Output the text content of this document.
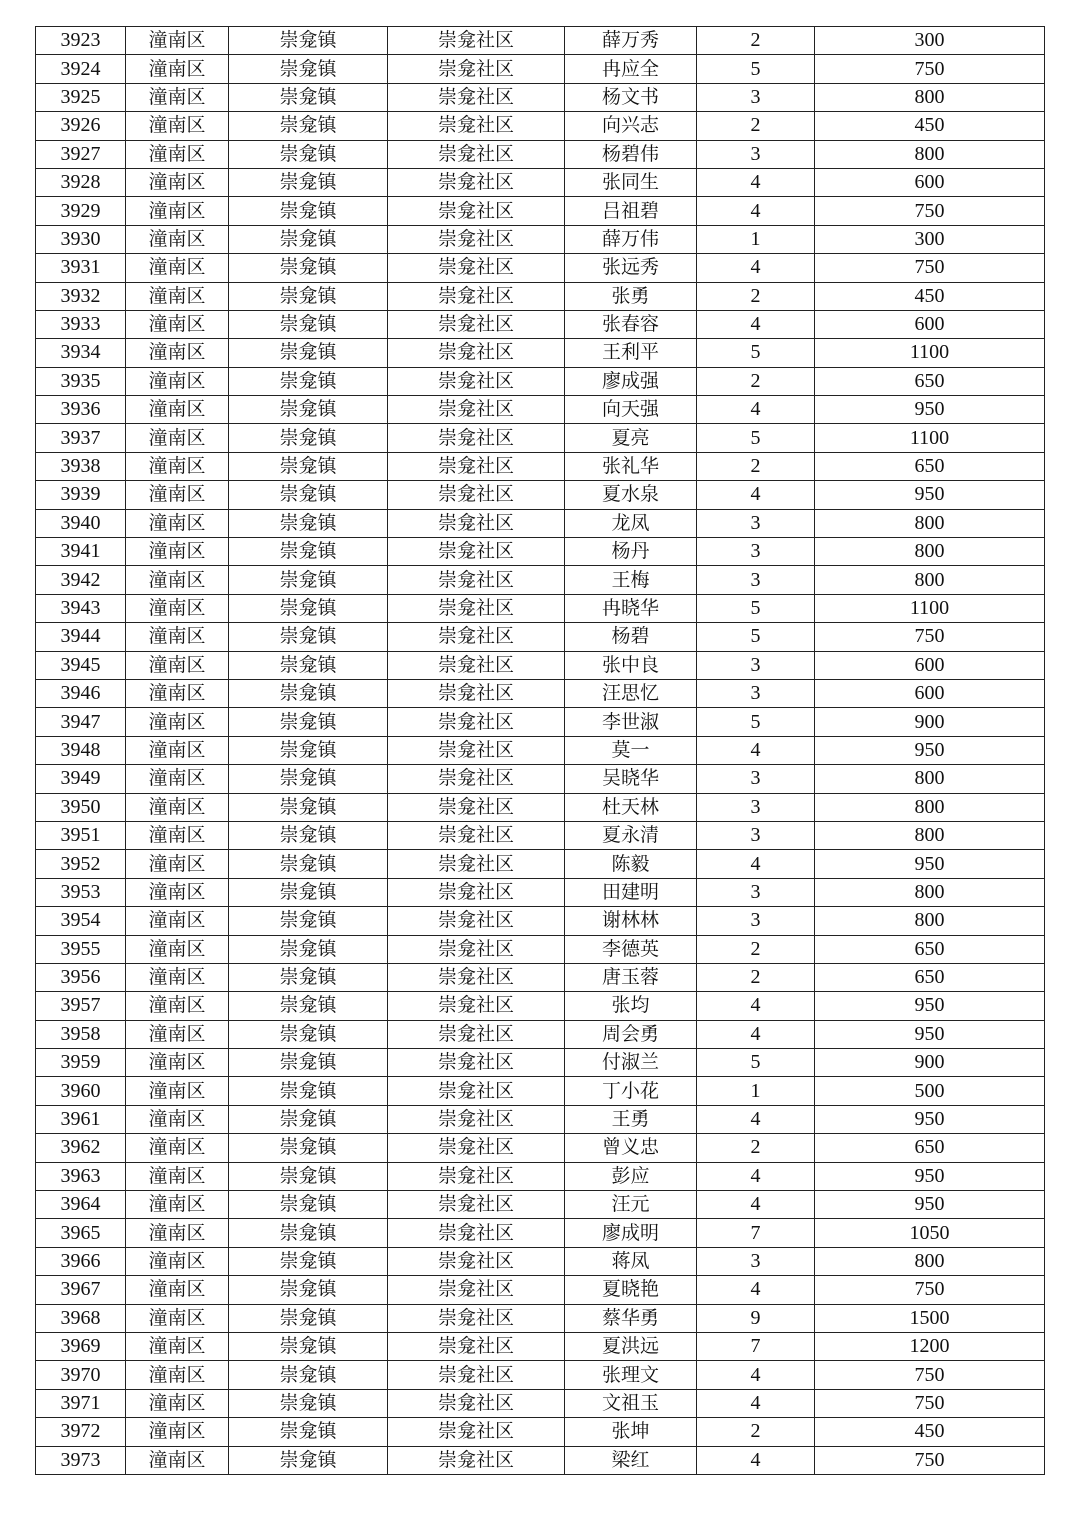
3923	潼南区	崇龛镇	崇龛社区	薛万秀	2	300
3924	潼南区	崇龛镇	崇龛社区	冉应全	5	750
3925	潼南区	崇龛镇	崇龛社区	杨文书	3	800
3926	潼南区	崇龛镇	崇龛社区	向兴志	2	450
3927	潼南区	崇龛镇	崇龛社区	杨碧伟	3	800
3928	潼南区	崇龛镇	崇龛社区	张同生	4	600
3929	潼南区	崇龛镇	崇龛社区	吕祖碧	4	750
3930	潼南区	崇龛镇	崇龛社区	薛万伟	1	300
3931	潼南区	崇龛镇	崇龛社区	张远秀	4	750
3932	潼南区	崇龛镇	崇龛社区	张勇	2	450
3933	潼南区	崇龛镇	崇龛社区	张春容	4	600
3934	潼南区	崇龛镇	崇龛社区	王利平	5	1100
3935	潼南区	崇龛镇	崇龛社区	廖成强	2	650
3936	潼南区	崇龛镇	崇龛社区	向天强	4	950
3937	潼南区	崇龛镇	崇龛社区	夏亮	5	1100
3938	潼南区	崇龛镇	崇龛社区	张礼华	2	650
3939	潼南区	崇龛镇	崇龛社区	夏水泉	4	950
3940	潼南区	崇龛镇	崇龛社区	龙凤	3	800
3941	潼南区	崇龛镇	崇龛社区	杨丹	3	800
3942	潼南区	崇龛镇	崇龛社区	王梅	3	800
3943	潼南区	崇龛镇	崇龛社区	冉晓华	5	1100
3944	潼南区	崇龛镇	崇龛社区	杨碧	5	750
3945	潼南区	崇龛镇	崇龛社区	张中良	3	600
3946	潼南区	崇龛镇	崇龛社区	汪思忆	3	600
3947	潼南区	崇龛镇	崇龛社区	李世淑	5	900
3948	潼南区	崇龛镇	崇龛社区	莫一	4	950
3949	潼南区	崇龛镇	崇龛社区	吴晓华	3	800
3950	潼南区	崇龛镇	崇龛社区	杜天林	3	800
3951	潼南区	崇龛镇	崇龛社区	夏永清	3	800
3952	潼南区	崇龛镇	崇龛社区	陈毅	4	950
3953	潼南区	崇龛镇	崇龛社区	田建明	3	800
3954	潼南区	崇龛镇	崇龛社区	谢林林	3	800
3955	潼南区	崇龛镇	崇龛社区	李德英	2	650
3956	潼南区	崇龛镇	崇龛社区	唐玉蓉	2	650
3957	潼南区	崇龛镇	崇龛社区	张均	4	950
3958	潼南区	崇龛镇	崇龛社区	周会勇	4	950
3959	潼南区	崇龛镇	崇龛社区	付淑兰	5	900
3960	潼南区	崇龛镇	崇龛社区	丁小花	1	500
3961	潼南区	崇龛镇	崇龛社区	王勇	4	950
3962	潼南区	崇龛镇	崇龛社区	曾义忠	2	650
3963	潼南区	崇龛镇	崇龛社区	彭应	4	950
3964	潼南区	崇龛镇	崇龛社区	汪元	4	950
3965	潼南区	崇龛镇	崇龛社区	廖成明	7	1050
3966	潼南区	崇龛镇	崇龛社区	蒋凤	3	800
3967	潼南区	崇龛镇	崇龛社区	夏晓艳	4	750
3968	潼南区	崇龛镇	崇龛社区	蔡华勇	9	1500
3969	潼南区	崇龛镇	崇龛社区	夏洪远	7	1200
3970	潼南区	崇龛镇	崇龛社区	张理文	4	750
3971	潼南区	崇龛镇	崇龛社区	文祖玉	4	750
3972	潼南区	崇龛镇	崇龛社区	张坤	2	450
3973	潼南区	崇龛镇	崇龛社区	梁红	4	750
